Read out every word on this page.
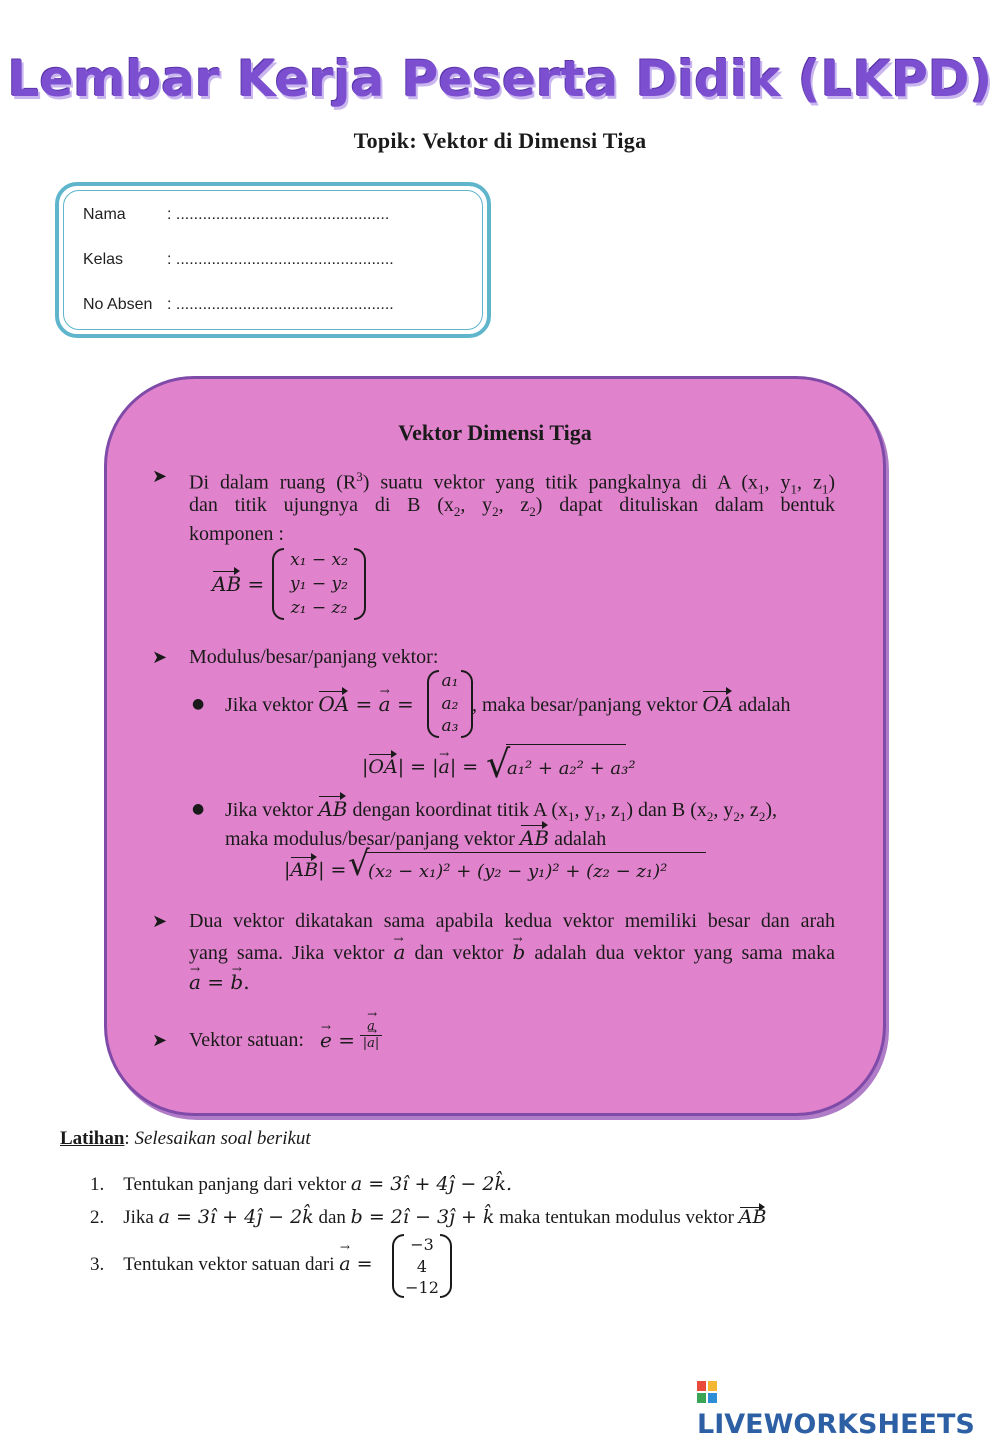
Lembar Kerja Peserta Didik (LKPD)
Topik: Vektor di Dimensi Tiga
Nama	: ................................................
Kelas	: .................................................
No Absen : .................................................
Vektor Dimensi Tiga
➤ Di dalam ruang $(R^3)$ suatu vektor yang titik pangkalnya di A ($x_1$, $y_1$, $z_1$)
dan titik ujungnya di B ($x_2$, $y_2$, $z_2$) dapat dituliskan dalam bentuk
komponen :
AB =
x₁ − x₂
y₁ − y₂
z₁ − z₂
➤ Modulus/besar/panjang vektor:
● Jika vektor OA = a → =
a₁
a₂
a₃
, maka besar/panjang vektor OA adalah
|OA| = |a →| = √
a₁² + a₂² + a₃²
● Jika vektor AB dengan koordinat titik A ($x_1$, $y_1$, $z_1$) dan B ($x_2$, $y_2$, $z_2$),
maka modulus/besar/panjang vektor AB adalah
|AB| = √
(x₂ − x₁)² + (y₂ − y₁)² + (z₂ − z₁)²
➤ Dua vektor dikatakan sama apabila kedua vektor memiliki besar dan arah
yang sama. Jika vektor a → dan vektor b → adalah dua vektor yang sama maka
a → = b →.
➤ Vektor satuan: e → =
a →
|a →|
Latihan: Selesaikan soal berikut
1.    Tentukan panjang dari vektor a = 3î + 4ĵ − 2k̂.
2.    Jika a = 3î + 4ĵ − 2k̂ dan b = 2î − 3ĵ + k̂ maka tentukan modulus vektor AB
3.    Tentukan vektor satuan dari a → =
−3
4
−12
LIVEWORKSHEETS
